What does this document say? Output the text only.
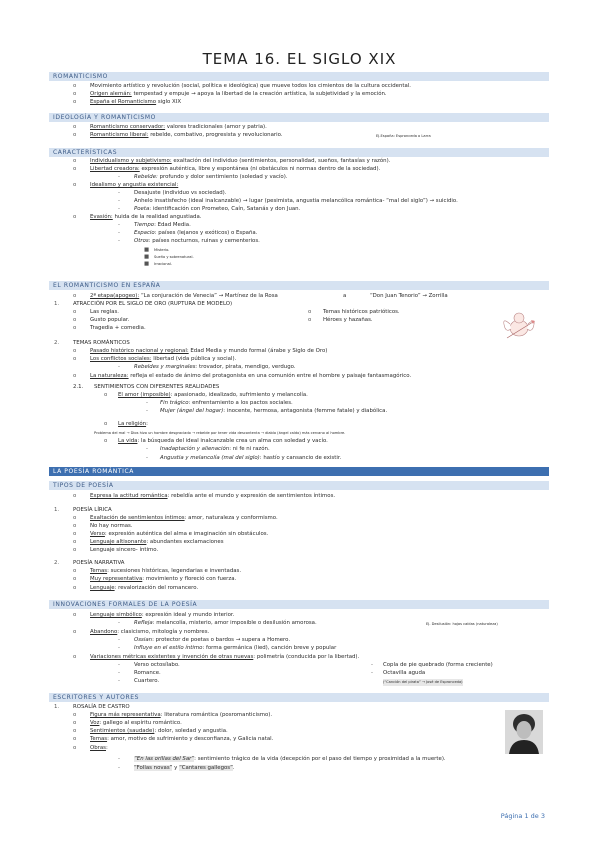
TEMA 16. EL SIGLO XIX
ROMANTICISMO
o	Movimiento artístico y revolución (social, política e ideológica) que mueve todos los cimientos de la cultura occidental.
o	Origen alemán: tempestad y empuje → apoya la libertad de la creación artística, la subjetividad y la emoción.
o	España el Romanticismo siglo XIX
IDEOLOGÍA Y ROMANTICISMO
o	Romanticismo conservador: valores tradicionales (amor y patria).
o	Romanticismo liberal: rebelde, combativo, progresista y revolucionario.	EJ.España: Espronceda o Larra
CARACTERÍSTICAS
o	Individualismo y subjetivismo: exaltación del individuo (sentimientos, personalidad, sueños, fantasías y razón).
o	Libertad creadora: expresión auténtica, libre y espontánea (ni obstáculos ni normas dentro de la sociedad).
-	Rebelde: profundo y dolor sentimiento (soledad y vacío).
o	Idealismo y angustia existencial:
-	Desajuste (individuo vs sociedad).
-	Anhelo insatisfecho (ideal inalcanzable) → lugar (pesimista, angustia melancólica romántica- “mal del siglo”) → suicidio.
-	Poeta: identificación con Prometeo, Caín, Satanás y don Juan.
o	Evasión: huida de la realidad angustiada.
-	Tiempo: Edad Media.
-	Espacio: países (lejanos y exóticos) o España.
-	Otros: países nocturnos, ruinas y cementerios.
■ Misterio.
■ Sueño y sobrenatural.
■ Irracional.
EL ROMANTICISMO EN ESPAÑA
o	2ª etapa(apogeo): “La conjuración de Venecia” → Martínez de la Rosa	a	“Don Juan Tenorio” → Zorrilla
1.	ATRACCIÓN POR EL SIGLO DE ORO (RUPTURA DE MODELO)
o	Las reglas.
o	Gusto popular.
o	Tragedia + comedia.
o Temas históricos patrióticos.
o Héroes y hazañas.
2.	TEMAS ROMÁNTICOS
o	Pasado histórico nacional y regional: Edad Media y mundo formal (árabe y Siglo de Oro)
o	Los conflictos sociales: libertad (vida pública y social).
-	Rebeldes y marginales: trovador, pirata, mendigo, verdugo.
o	La naturaleza: refleja el estado de ánimo del protagonista en una comunión entre el hombre y paisaje fantasmagórico.
2.1. SENTIMIENTOS CON DIFERENTES REALIDADES
o El amor (imposible): apasionado, idealizado, sufrimiento y melancolía.
- Fin trágico: enfrentamiento a los pactos sociales.
- Mujer (ángel del hogar): inocente, hermosa, antagonista (femme fatale) y diabólica.
o La religión:
Problema del mal → Dios hizo un hombre desgraciado → rebelde por tener vida descontenta → diablo (ángel caído) más cercano al hombre.
o La vida: la búsqueda del ideal inalcanzable crea un alma con soledad y vacío.
- Inadaptación y alienación: ni fe ni razón.
- Angustia y melancolía (mal del siglo): hastío y cansancio de existir.
LA POESÍA ROMÁNTICA
TIPOS DE POESÍA
o	Expresa la actitud romántica: rebeldía ante el mundo y expresión de sentimientos íntimos.
1.	POESÍA LÍRICA
o	Exaltación de sentimientos íntimos: amor, naturaleza y conformismo.
o	No hay normas.
o	Verso: expresión auténtica del alma e imaginación sin obstáculos.
o	Lenguaje altisonante: abundantes exclamaciones
o	Lenguaje sincero- íntimo.
2.	POESÍA NARRATIVA
o	Temas: sucesiones históricas, legendarias e inventadas.
o	Muy representativa: movimiento y floreció con fuerza.
o	Lenguaje: revalorización del romancero.
INNOVACIONES FORMALES DE LA POESÍA
o	Lenguaje simbólico: expresión ideal y mundo interior.
-	Refleja: melancolía, misterio, amor imposible o desilusión amorosa.	EJ. Desilusión: hojas caídas (naturaleza)
o	Abandono: clasicismo, mitología y nombres.
-	Ossian: protector de poetas o bardos → supera a Homero.
-	Influye en el estilo íntimo: forma germánica (lied), canción breve y popular
o	Variaciones métricas existentes y invención de otras nuevas: polimetría (conducida por la libertad).
-	Verso octosílabo.
-	Romance.
-	Cuartero.
- Copla de pie quebrado (forma creciente)
- Octavilla aguda
(“Canción del pirata” → José de Espronceda)
ESCRITORES Y AUTORES
1.	ROSALÍA DE CASTRO
o	Figura más representativa: literatura romántica (posromanticismo).
o	Voz: gallego al espíritu romántico.
o	Sentimientos (saudade): dolor, soledad y angustia.
o	Temas: amor, motivo de sufrimiento y desconfianza, y Galicia natal.
o	Obras:
-	“En las orillas del Sar”: sentimiento trágico de la vida (decepción por el paso del tiempo y proximidad a la muerte).
-	“Follas novas” y “Cantares gallegos”.
Página 1 de 3
